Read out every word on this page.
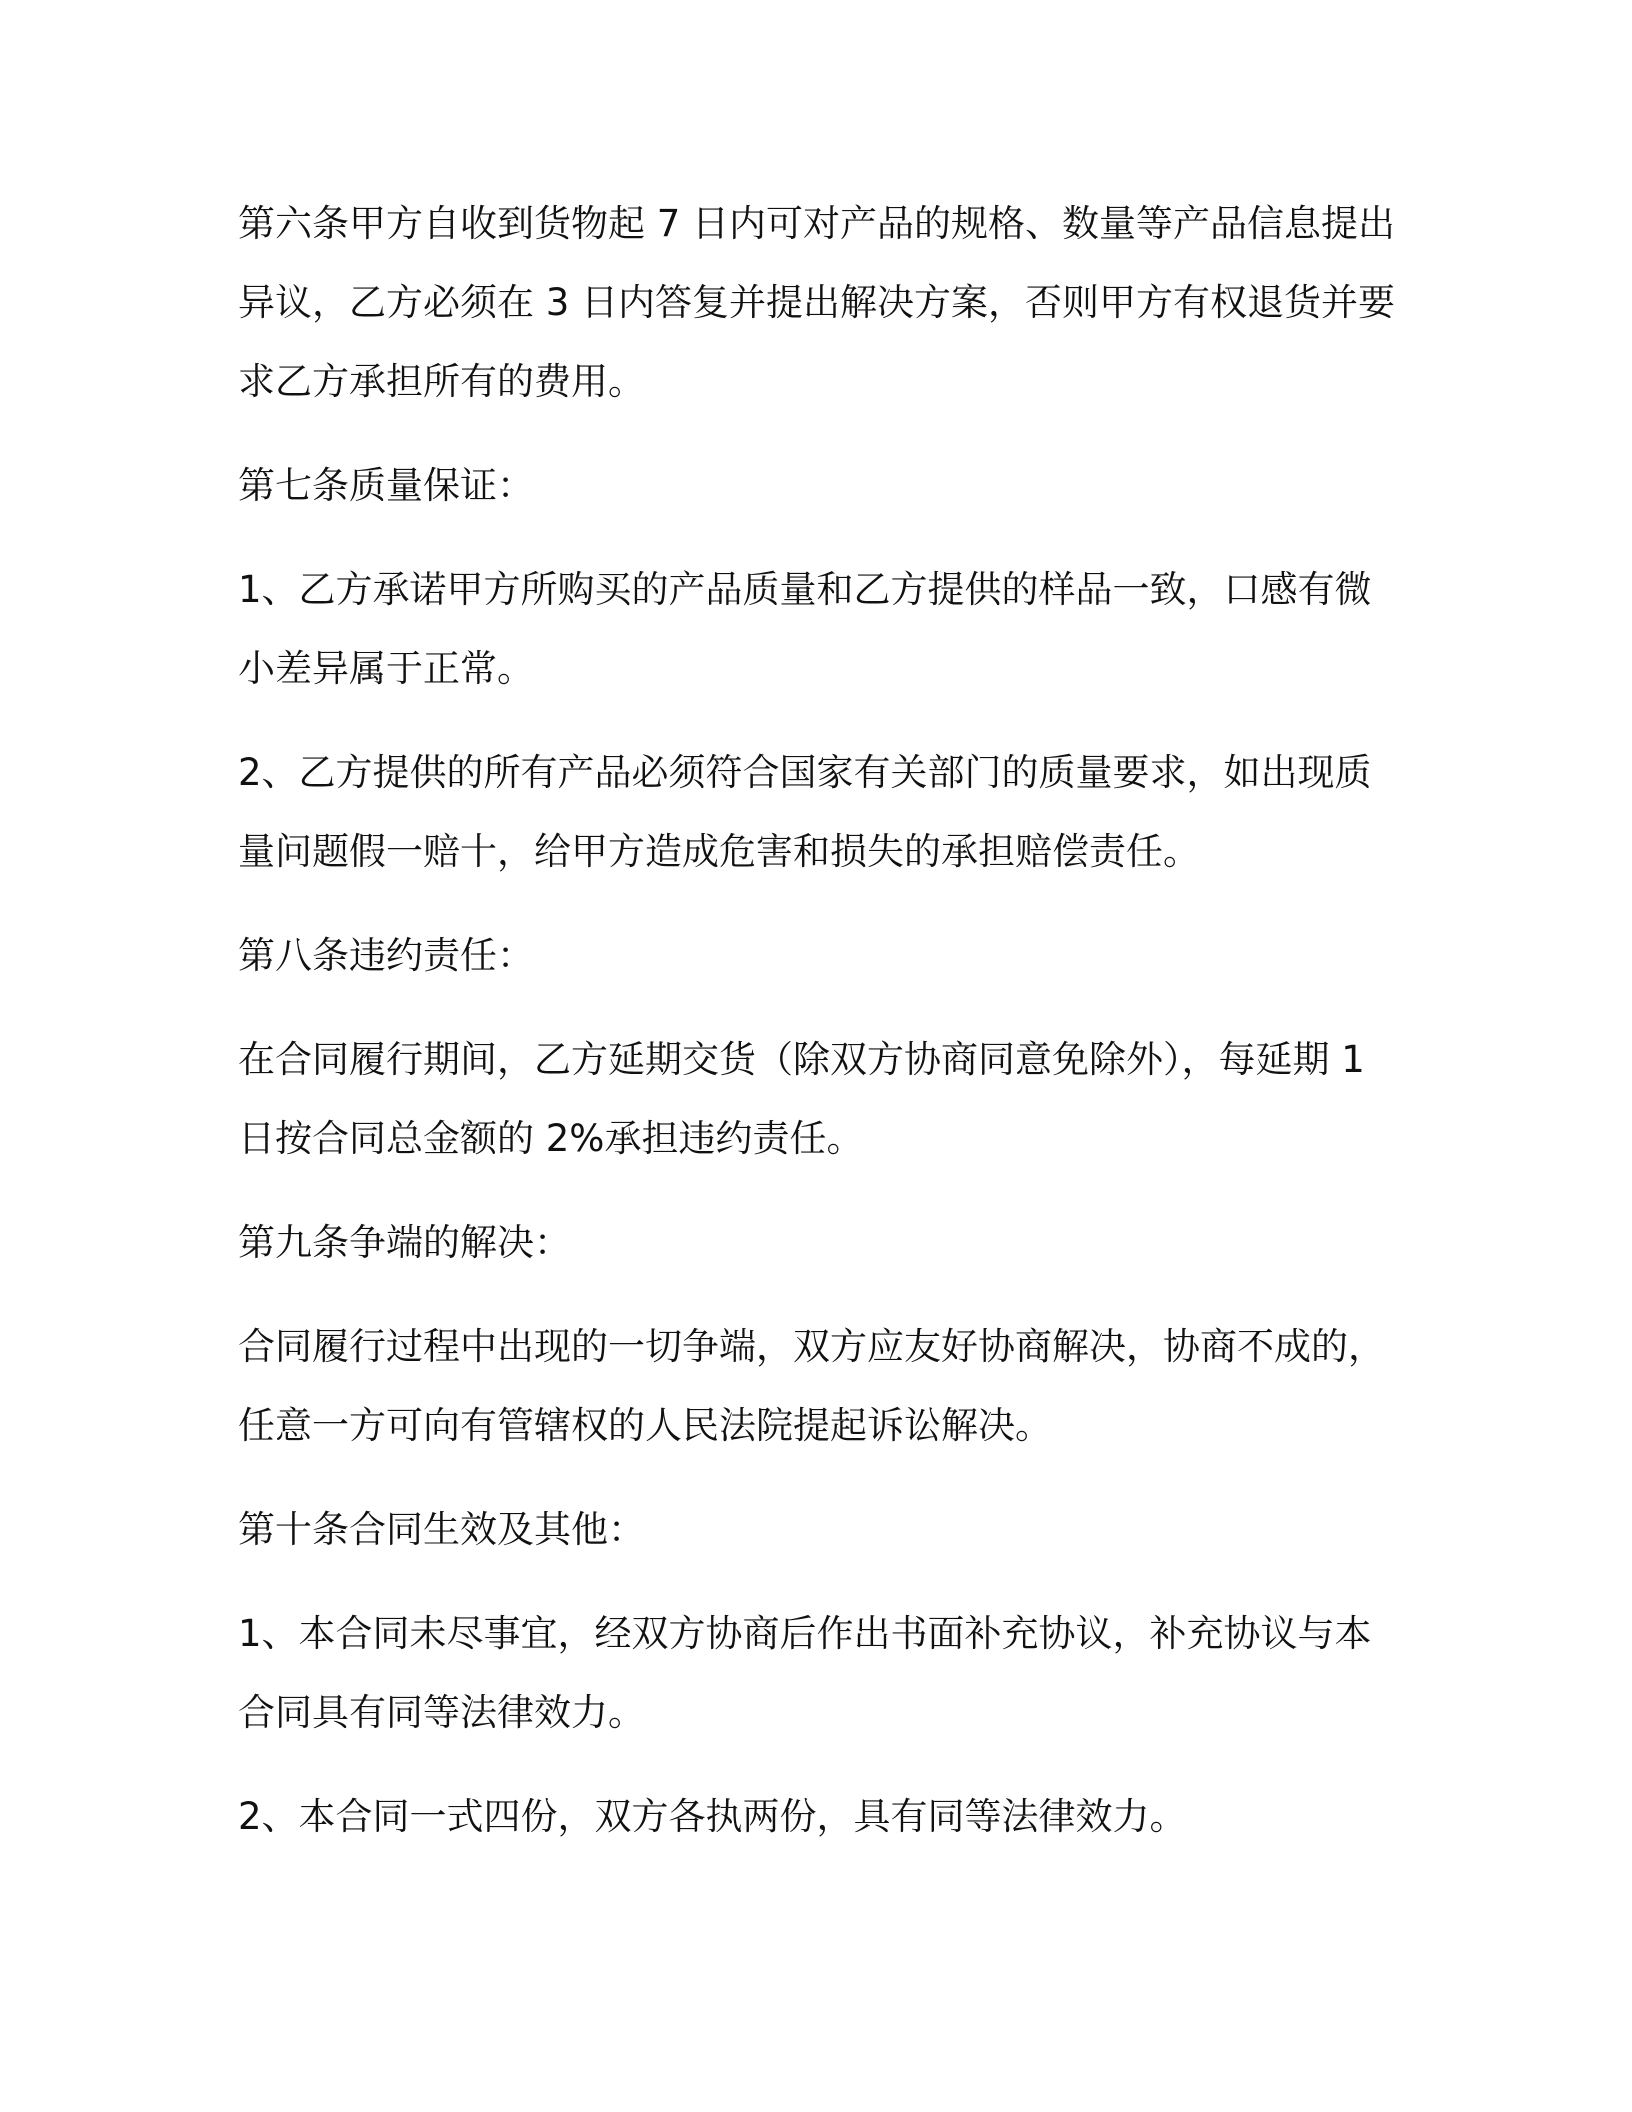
第六条甲方自收到货物起 7 日内可对产品的规格、数量等产品信息提出异议，乙方必须在 3 日内答复并提出解决方案，否则甲方有权退货并要求乙方承担所有的费用。

第七条质量保证：

1、乙方承诺甲方所购买的产品质量和乙方提供的样品一致，口感有微小差异属于正常。

2、乙方提供的所有产品必须符合国家有关部门的质量要求，如出现质量问题假一赔十，给甲方造成危害和损失的承担赔偿责任。

第八条违约责任：

在合同履行期间，乙方延期交货（除双方协商同意免除外），每延期 1 日按合同总金额的 2%承担违约责任。

第九条争端的解决：

合同履行过程中出现的一切争端，双方应友好协商解决，协商不成的，任意一方可向有管辖权的人民法院提起诉讼解决。

第十条合同生效及其他：

1、本合同未尽事宜，经双方协商后作出书面补充协议，补充协议与本合同具有同等法律效力。

2、本合同一式四份，双方各执两份，具有同等法律效力。
